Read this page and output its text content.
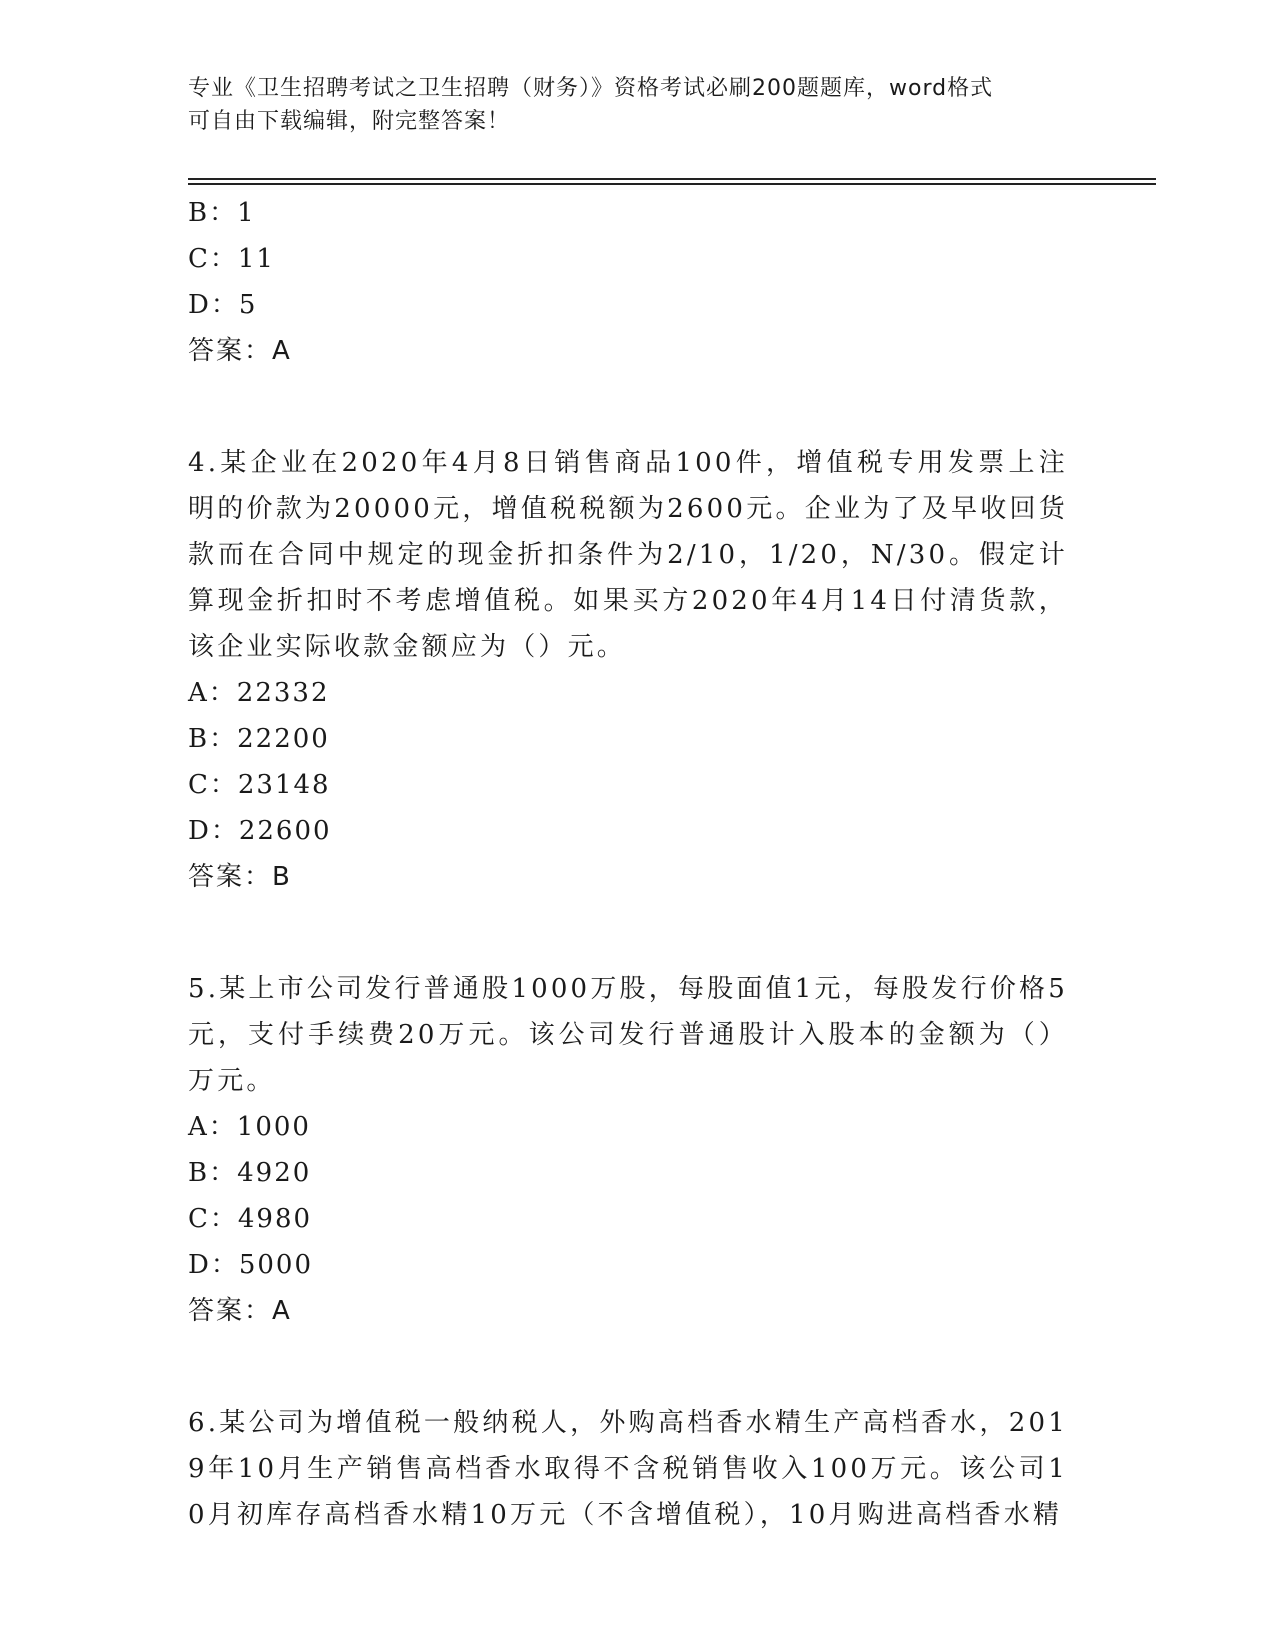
专业《卫生招聘考试之卫生招聘（财务）》资格考试必刷200题题库，word格式
可自由下载编辑，附完整答案！
B：1
C：11
D：5
答案：A
4.某企业在2020年4月8日销售商品100件，增值税专用发票上注明的价款为20000元，增值税税额为2600元。企业为了及早收回货款而在合同中规定的现金折扣条件为2/10，1/20，N/30。假定计算现金折扣时不考虑增值税。如果买方2020年4月14日付清货款，该企业实际收款金额应为（）元。
A：22332
B：22200
C：23148
D：22600
答案：B
5.某上市公司发行普通股1000万股，每股面值1元，每股发行价格5元，支付手续费20万元。该公司发行普通股计入股本的金额为（）万元。
A：1000
B：4920
C：4980
D：5000
答案：A
6.某公司为增值税一般纳税人，外购高档香水精生产高档香水，2019年10月生产销售高档香水取得不含税销售收入100万元。该公司10月初库存高档香水精10万元（不含增值税），10月购进高档香水精
